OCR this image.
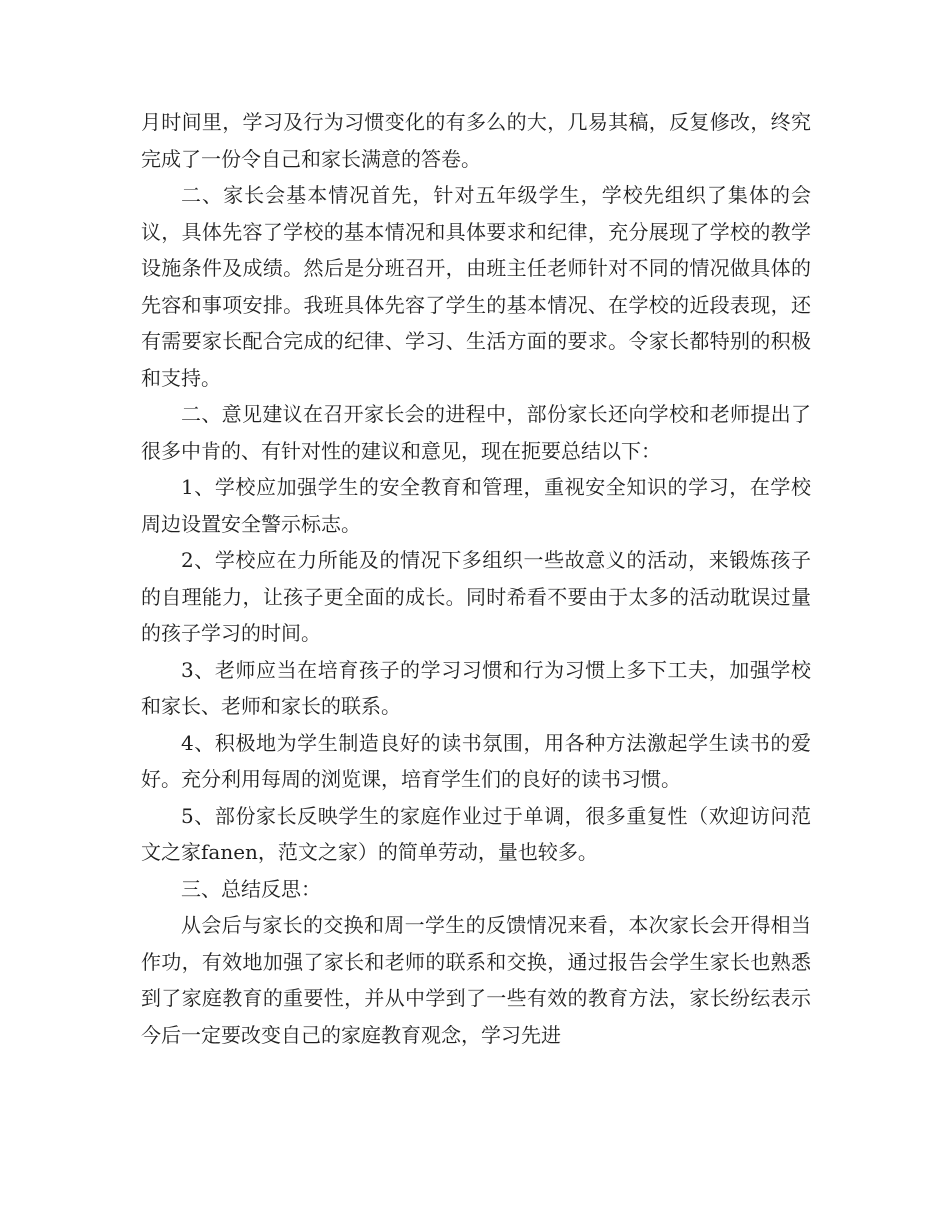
月时间里，学习及行为习惯变化的有多么的大，几易其稿，反复修改，终究完成了一份令自己和家长满意的答卷。

二、家长会基本情况首先，针对五年级学生，学校先组织了集体的会议，具体先容了学校的基本情况和具体要求和纪律，充分展现了学校的教学设施条件及成绩。然后是分班召开，由班主任老师针对不同的情况做具体的先容和事项安排。我班具体先容了学生的基本情况、在学校的近段表现，还有需要家长配合完成的纪律、学习、生活方面的要求。令家长都特别的积极和支持。

二、意见建议在召开家长会的进程中，部份家长还向学校和老师提出了很多中肯的、有针对性的建议和意见，现在扼要总结以下：

1、学校应加强学生的安全教育和管理，重视安全知识的学习，在学校周边设置安全警示标志。

2、学校应在力所能及的情况下多组织一些故意义的活动，来锻炼孩子的自理能力，让孩子更全面的成长。同时希看不要由于太多的活动耽误过量的孩子学习的时间。

3、老师应当在培育孩子的学习习惯和行为习惯上多下工夫，加强学校和家长、老师和家长的联系。

4、积极地为学生制造良好的读书氛围，用各种方法激起学生读书的爱好。充分利用每周的浏览课，培育学生们的良好的读书习惯。

5、部份家长反映学生的家庭作业过于单调，很多重复性（欢迎访问范文之家fanen，范文之家）的简单劳动，量也较多。

三、总结反思：

从会后与家长的交换和周一学生的反馈情况来看，本次家长会开得相当作功，有效地加强了家长和老师的联系和交换，通过报告会学生家长也熟悉到了家庭教育的重要性，并从中学到了一些有效的教育方法，家长纷纭表示今后一定要改变自己的家庭教育观念，学习先进
